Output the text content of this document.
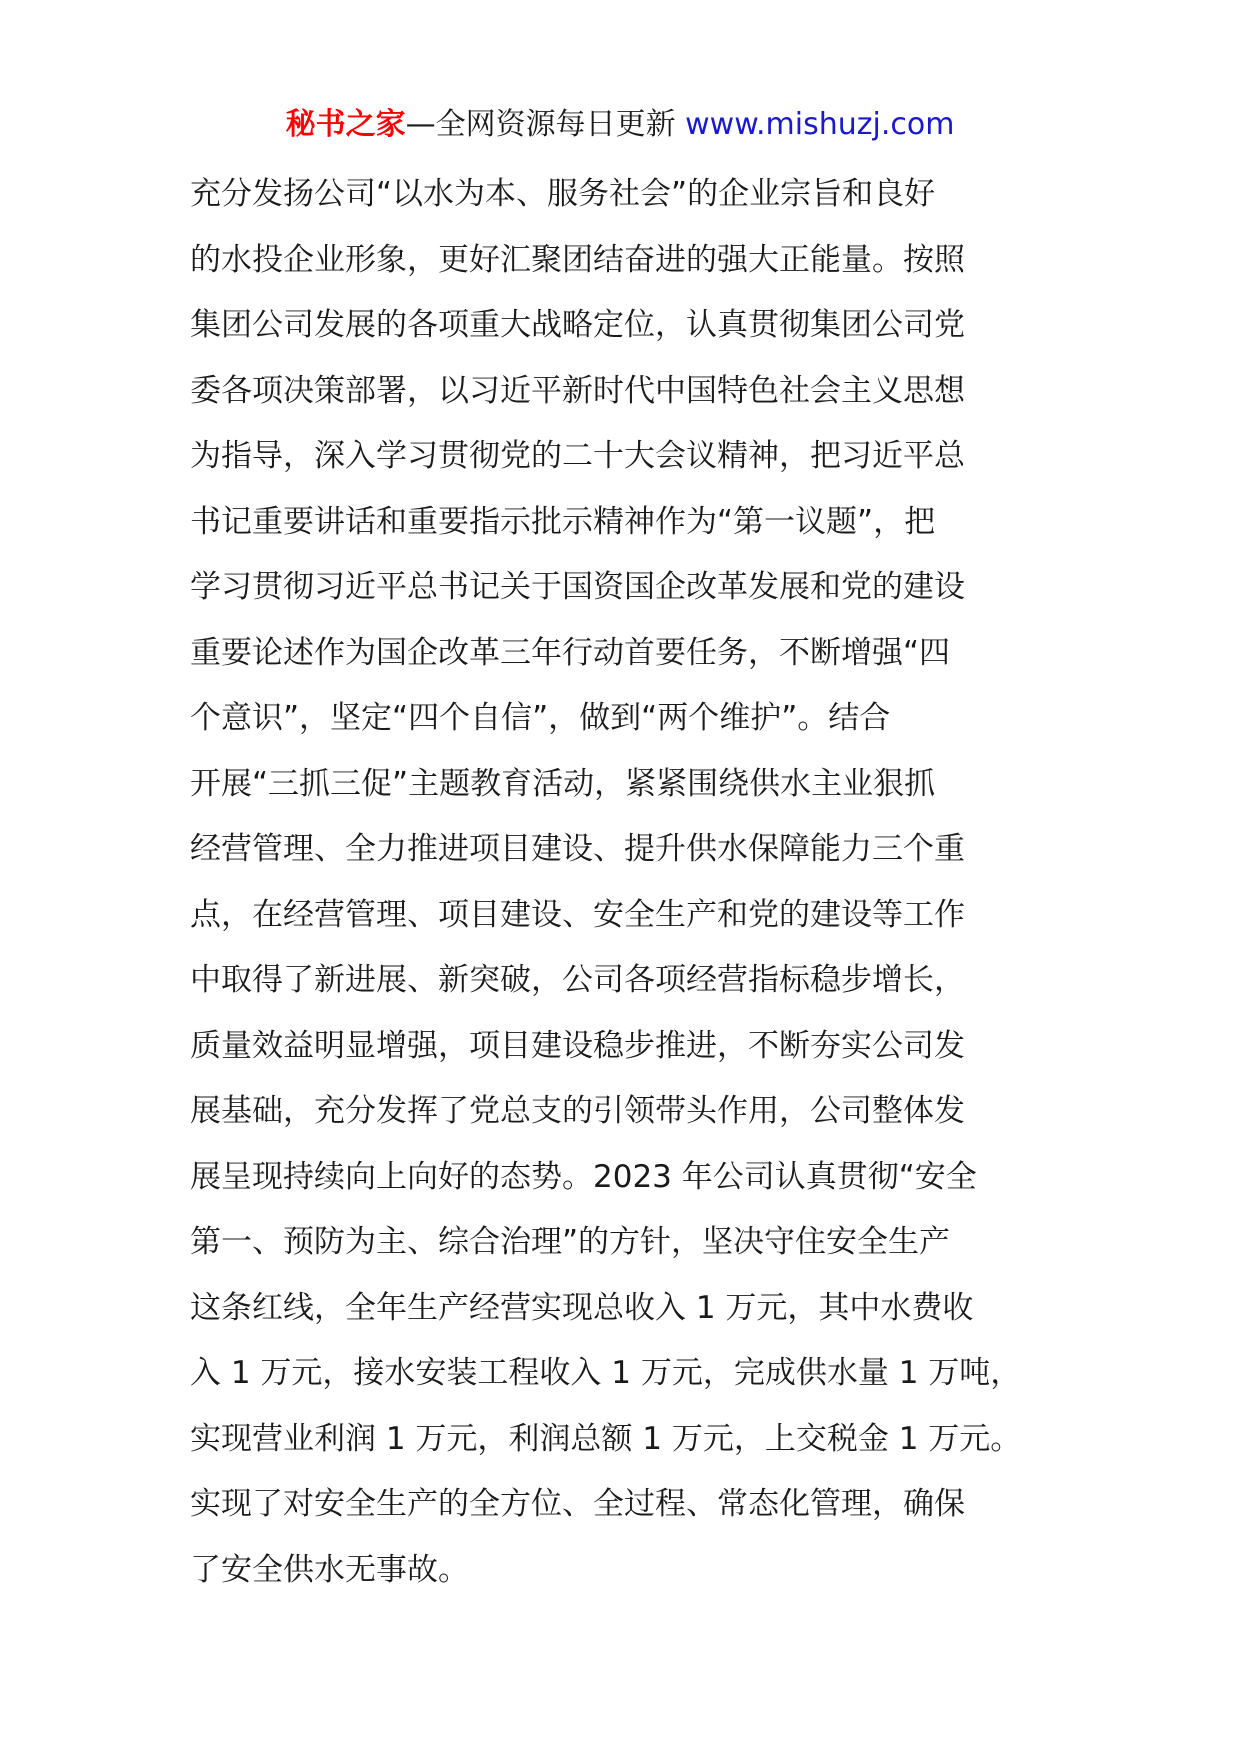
秘书之家—全网资源每日更新 www.mishuzj.com
充分发扬公司“以水为本、服务社会”的企业宗旨和良好
的水投企业形象，更好汇聚团结奋进的强大正能量。按照
集团公司发展的各项重大战略定位，认真贯彻集团公司党
委各项决策部署，以习近平新时代中国特色社会主义思想
为指导，深入学习贯彻党的二十大会议精神，把习近平总
书记重要讲话和重要指示批示精神作为“第一议题”，把
学习贯彻习近平总书记关于国资国企改革发展和党的建设
重要论述作为国企改革三年行动首要任务，不断增强“四
个意识”，坚定“四个自信”，做到“两个维护”。结合
开展“三抓三促”主题教育活动，紧紧围绕供水主业狠抓
经营管理、全力推进项目建设、提升供水保障能力三个重
点，在经营管理、项目建设、安全生产和党的建设等工作
中取得了新进展、新突破，公司各项经营指标稳步增长，
质量效益明显增强，项目建设稳步推进，不断夯实公司发
展基础，充分发挥了党总支的引领带头作用，公司整体发
展呈现持续向上向好的态势。2023 年公司认真贯彻“安全
第一、预防为主、综合治理”的方针，坚决守住安全生产
这条红线，全年生产经营实现总收入 1 万元，其中水费收
入 1 万元，接水安装工程收入 1 万元，完成供水量 1 万吨，
实现营业利润 1 万元，利润总额 1 万元，上交税金 1 万元。
实现了对安全生产的全方位、全过程、常态化管理，确保
了安全供水无事故。
